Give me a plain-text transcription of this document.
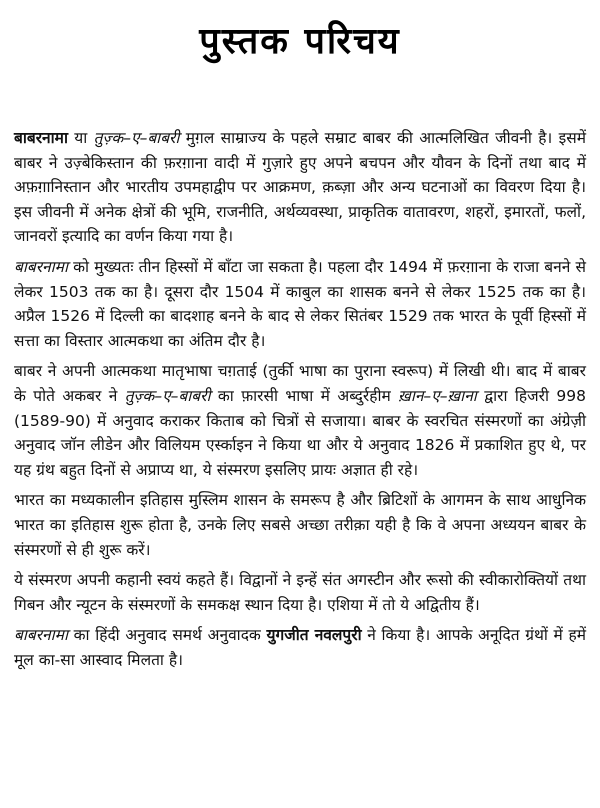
पुस्तक परिचय
बाबरनामा या तुज़्क–ए–बाबरी मुग़ल साम्राज्य के पहले सम्राट बाबर की आत्मलिखित जीवनी है। इसमें बाबर ने उज़्बेकिस्तान की फ़रग़ाना वादी में गुज़ारे हुए अपने बचपन और यौवन के दिनों तथा बाद में अफ़ग़ानिस्तान और भारतीय उपमहाद्वीप पर आक्रमण, क़ब्ज़ा और अन्य घटनाओं का विवरण दिया है। इस जीवनी में अनेक क्षेत्रों की भूमि, राजनीति, अर्थव्यवस्था, प्राकृतिक वातावरण, शहरों, इमारतों, फलों, जानवरों इत्यादि का वर्णन किया गया है।
बाबरनामा को मुख्यतः तीन हिस्सों में बाँटा जा सकता है। पहला दौर 1494 में फ़रग़ाना के राजा बनने से लेकर 1503 तक का है। दूसरा दौर 1504 में काबुल का शासक बनने से लेकर 1525 तक का है। अप्रैल 1526 में दिल्ली का बादशाह बनने के बाद से लेकर सितंबर 1529 तक भारत के पूर्वी हिस्सों में सत्ता का विस्तार आत्मकथा का अंतिम दौर है।
बाबर ने अपनी आत्मकथा मातृभाषा चग़ताई (तुर्की भाषा का पुराना स्वरूप) में लिखी थी। बाद में बाबर के पोते अकबर ने तुज़्क–ए–बाबरी का फ़ारसी भाषा में अब्दुर्रहीम ख़ान–ए–ख़ाना द्वारा हिजरी 998 (1589-90) में अनुवाद कराकर किताब को चित्रों से सजाया। बाबर के स्वरचित संस्मरणों का अंग्रेज़ी अनुवाद जॉन लीडेन और विलियम एर्स्काइन ने किया था और ये अनुवाद 1826 में प्रकाशित हुए थे, पर यह ग्रंथ बहुत दिनों से अप्राप्य था, ये संस्मरण इसलिए प्रायः अज्ञात ही रहे।
भारत का मध्यकालीन इतिहास मुस्लिम शासन के समरूप है और ब्रिटिशों के आगमन के साथ आधुनिक भारत का इतिहास शुरू होता है, उनके लिए सबसे अच्छा तरीक़ा यही है कि वे अपना अध्ययन बाबर के संस्मरणों से ही शुरू करें।
ये संस्मरण अपनी कहानी स्वयं कहते हैं। विद्वानों ने इन्हें संत अगस्टीन और रूसो की स्वीकारोक्तियों तथा गिबन और न्यूटन के संस्मरणों के समकक्ष स्थान दिया है। एशिया में तो ये अद्वितीय हैं।
बाबरनामा का हिंदी अनुवाद समर्थ अनुवादक युगजीत नवलपुरी ने किया है। आपके अनूदित ग्रंथों में हमें मूल का-सा आस्वाद मिलता है।
